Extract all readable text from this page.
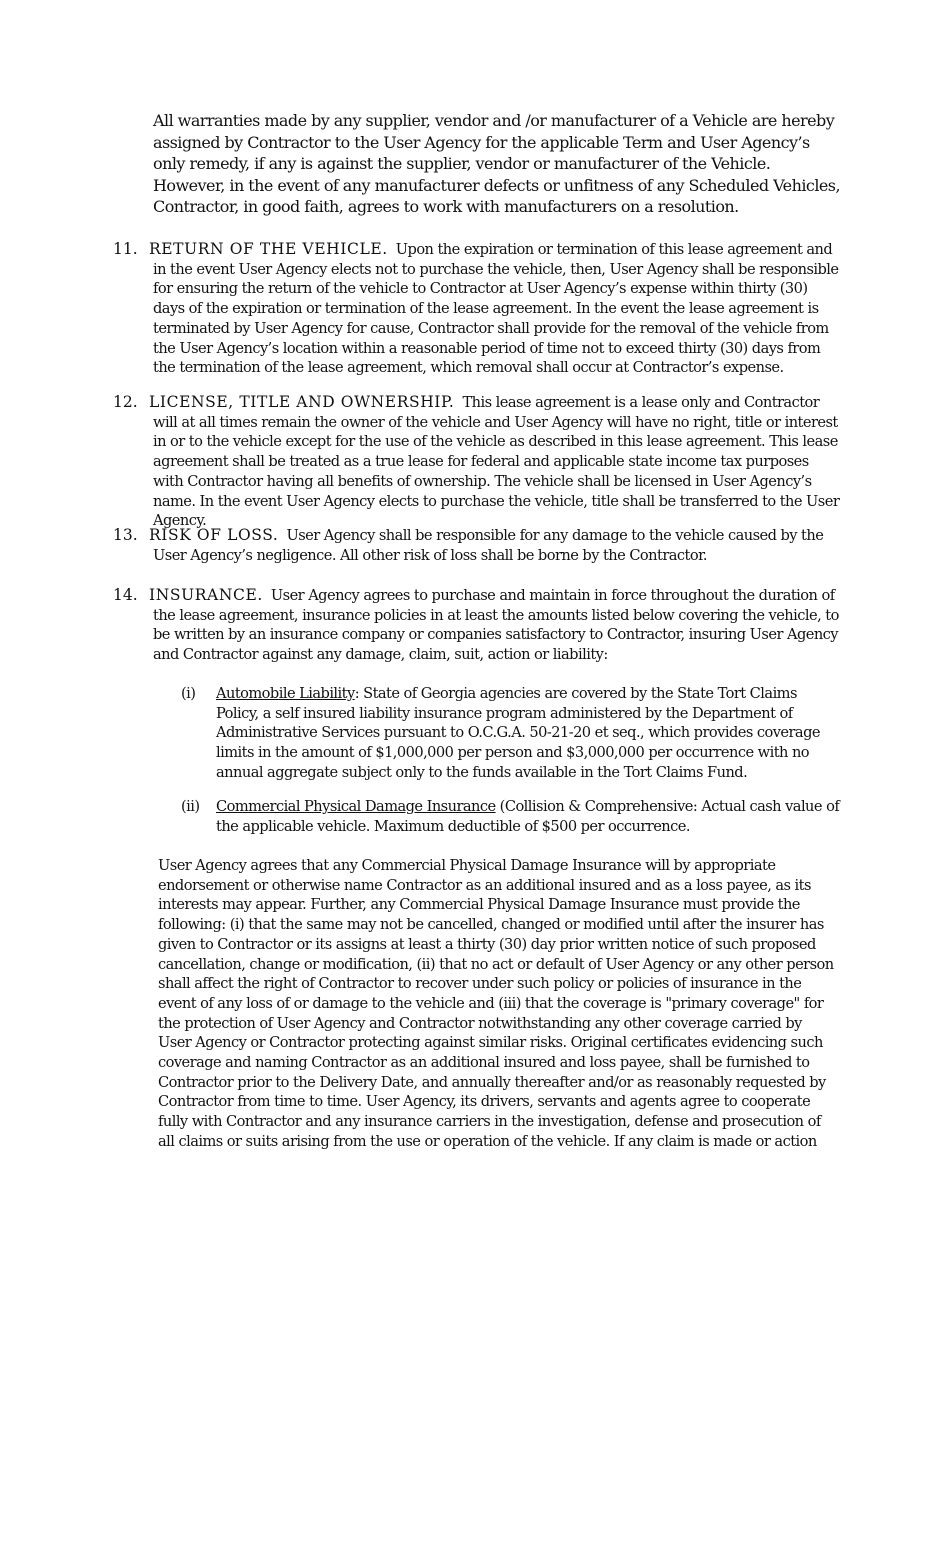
All warranties made by any supplier, vendor and /or manufacturer of a Vehicle are hereby assigned by Contractor to the User Agency for the applicable Term and User Agency’s only remedy, if any is against the supplier, vendor or manufacturer of the Vehicle. However, in the event of any manufacturer defects or unfitness of any Scheduled Vehicles, Contractor, in good faith, agrees to work with manufacturers on a resolution.

11. RETURN OF THE VEHICLE. Upon the expiration or termination of this lease agreement and in the event User Agency elects not to purchase the vehicle, then, User Agency shall be responsible for ensuring the return of the vehicle to Contractor at User Agency’s expense within thirty (30) days of the expiration or termination of the lease agreement. In the event the lease agreement is terminated by User Agency for cause, Contractor shall provide for the removal of the vehicle from the User Agency’s location within a reasonable period of time not to exceed thirty (30) days from the termination of the lease agreement, which removal shall occur at Contractor’s expense.
12. LICENSE, TITLE AND OWNERSHIP. This lease agreement is a lease only and Contractor will at all times remain the owner of the vehicle and User Agency will have no right, title or interest in or to the vehicle except for the use of the vehicle as described in this lease agreement. This lease agreement shall be treated as a true lease for federal and applicable state income tax purposes with Contractor having all benefits of ownership. The vehicle shall be licensed in User Agency’s name. In the event User Agency elects to purchase the vehicle, title shall be transferred to the User Agency.
13. RISK OF LOSS. User Agency shall be responsible for any damage to the vehicle caused by the User Agency’s negligence. All other risk of loss shall be borne by the Contractor.
14. INSURANCE. User Agency agrees to purchase and maintain in force throughout the duration of the lease agreement, insurance policies in at least the amounts listed below covering the vehicle, to be written by an insurance company or companies satisfactory to Contractor, insuring User Agency and Contractor against any damage, claim, suit, action or liability:
(i)	Automobile Liability: State of Georgia agencies are covered by the State Tort Claims Policy, a self insured liability insurance program administered by the Department of Administrative Services pursuant to O.C.G.A. 50-21-20 et seq., which provides coverage limits in the amount of $1,000,000 per person and $3,000,000 per occurrence with no annual aggregate subject only to the funds available in the Tort Claims Fund.
(ii)	Commercial Physical Damage Insurance (Collision & Comprehensive: Actual cash value of the applicable vehicle. Maximum deductible of $500 per occurrence.

User Agency agrees that any Commercial Physical Damage Insurance will by appropriate endorsement or otherwise name Contractor as an additional insured and as a loss payee, as its interests may appear. Further, any Commercial Physical Damage Insurance must provide the following: (i) that the same may not be cancelled, changed or modified until after the insurer has given to Contractor or its assigns at least a thirty (30) day prior written notice of such proposed cancellation, change or modification, (ii) that no act or default of User Agency or any other person shall affect the right of Contractor to recover under such policy or policies of insurance in the event of any loss of or damage to the vehicle and (iii) that the coverage is "primary coverage" for the protection of User Agency and Contractor notwithstanding any other coverage carried by User Agency or Contractor protecting against similar risks. Original certificates evidencing such coverage and naming Contractor as an additional insured and loss payee, shall be furnished to Contractor prior to the Delivery Date, and annually thereafter and/or as reasonably requested by Contractor from time to time. User Agency, its drivers, servants and agents agree to cooperate fully with Contractor and any insurance carriers in the investigation, defense and prosecution of all claims or suits arising from the use or operation of the vehicle. If any claim is made or action
